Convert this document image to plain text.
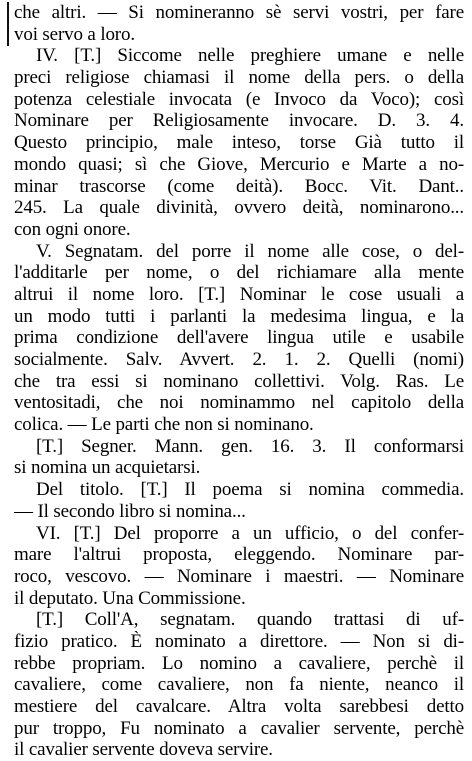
che altri. — Si nomineranno sè servi vostri, per fare
voi servo a loro.
IV. [T.] Siccome nelle preghiere umane e nelle
preci religiose chiamasi il nome della pers. o della
potenza celestiale invocata (e Invoco da Voco); così
Nominare per Religiosamente invocare. D. 3. 4.
Questo principio, male inteso, torse Già tutto il
mondo quasi; sì che Giove, Mercurio e Marte a no-
minar trascorse (come deità). Bocc. Vit. Dant..
245. La quale divinità, ovvero deità, nominarono...
con ogni onore.
V. Segnatam. del porre il nome alle cose, o del-
l'additarle per nome, o del richiamare alla mente
altrui il nome loro. [T.] Nominar le cose usuali a
un modo tutti i parlanti la medesima lingua, e la
prima condizione dell'avere lingua utile e usabile
socialmente. Salv. Avvert. 2. 1. 2. Quelli (nomi)
che tra essi si nominano collettivi. Volg. Ras. Le
ventositadi, che noi nominammo nel capitolo della
colica. — Le parti che non si nominano.
[T.] Segner. Mann. gen. 16. 3. Il conformarsi
si nomina un acquietarsi.
Del titolo. [T.] Il poema si nomina commedia.
— Il secondo libro si nomina...
VI. [T.] Del proporre a un ufficio, o del confer-
mare l'altrui proposta, eleggendo. Nominare par-
roco, vescovo. — Nominare i maestri. — Nominare
il deputato. Una Commissione.
[T.] Coll'A, segnatam. quando trattasi di uf-
fizio pratico. È nominato a direttore. — Non si di-
rebbe propriam. Lo nomino a cavaliere, perchè il
cavaliere, come cavaliere, non fa niente, neanco il
mestiere del cavalcare. Altra volta sarebbesi detto
pur troppo, Fu nominato a cavalier servente, perchè
il cavalier servente doveva servire.
